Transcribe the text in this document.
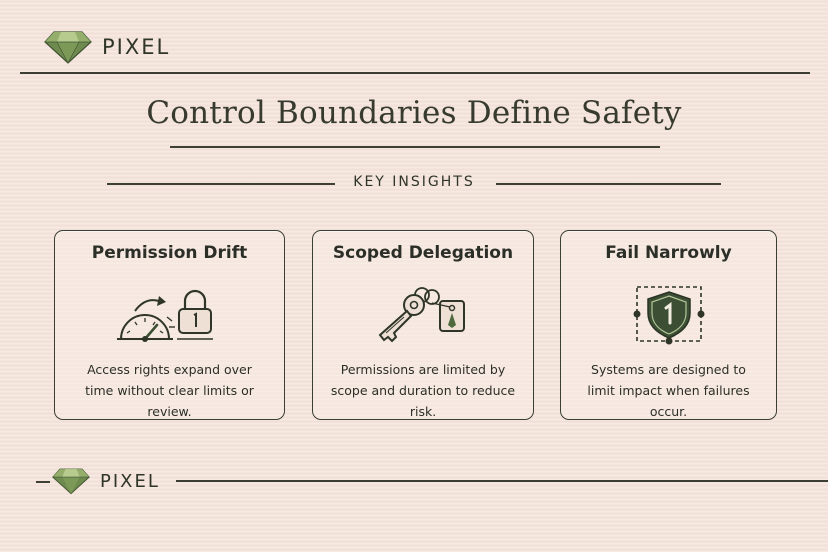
PIXEL
Control Boundaries Define Safety
KEY INSIGHTS
Permission Drift
Access rights expand over
time without clear limits or review.
Scoped Delegation
Permissions are limited by
scope and duration to reduce risk.
Fail Narrowly
Systems are designed to
limit impact when failures occur.
PIXEL
